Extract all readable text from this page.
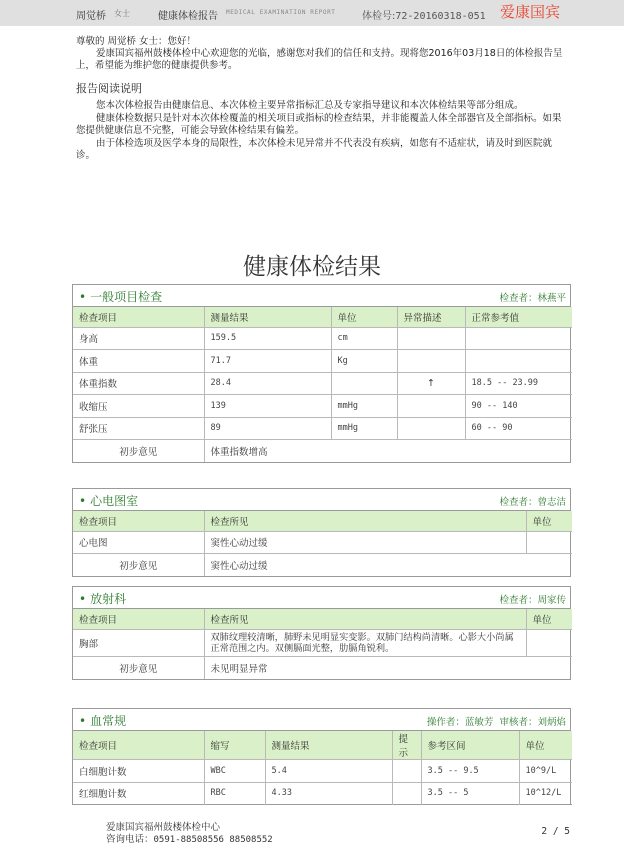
周觉桥 女士	健康体检报告 MEDICAL EXAMINATION REPORT	体检号:72-20160318-051 爱康国宾

尊敬的 周觉桥 女士：您好！

爱康国宾福州鼓楼体检中心欢迎您的光临，感谢您对我们的信任和支持。现将您2016年03月18日的体检报告呈上，希望能为维护您的健康提供参考。

报告阅读说明

您本次体检报告由健康信息、本次体检主要异常指标汇总及专家指导建议和本次体检结果等部分组成。

健康体检数据只是针对本次体检覆盖的相关项目或指标的检查结果，并非能覆盖人体全部器官及全部指标。如果您提供健康信息不完整，可能会导致体检结果有偏差。

由于体检选项及医学本身的局限性，本次体检未见异常并不代表没有疾病，如您有不适症状，请及时到医院就诊。

健康体检结果
• 一般项目检查	检查者：林燕平
检查项目	测量结果	单位	异常描述	正常参考值
身高	159.5	cm		
体重	71.7	Kg		
体重指数	28.4		↑	18.5 -- 23.99
收缩压	139	mmHg		90 -- 140
舒张压	89	mmHg		60 -- 90
初步意见	体重指数增高			
• 心电图室	检查者：曾志洁
检查项目	检查所见	单位
心电图	窦性心动过缓	
初步意见	窦性心动过缓	
• 放射科	检查者：周家传
检查项目	检查所见	单位
胸部	双肺纹理较清晰，肺野未见明显实变影。双肺门结构尚清晰。心影大小尚属正常范围之内。双侧膈面光整，肋膈角锐利。	
初步意见	未见明显异常	
• 血常规	操作者：蓝敏芳 审核者：刘炳焰
检查项目	缩写	测量结果	提示	参考区间	单位
白细胞计数	WBC	5.4		3.5 -- 9.5	10^9/L
红细胞计数	RBC	4.33		3.5 -- 5	10^12/L
爱康国宾福州鼓楼体检中心
咨询电话：0591-88508556 88508552
2 / 5
